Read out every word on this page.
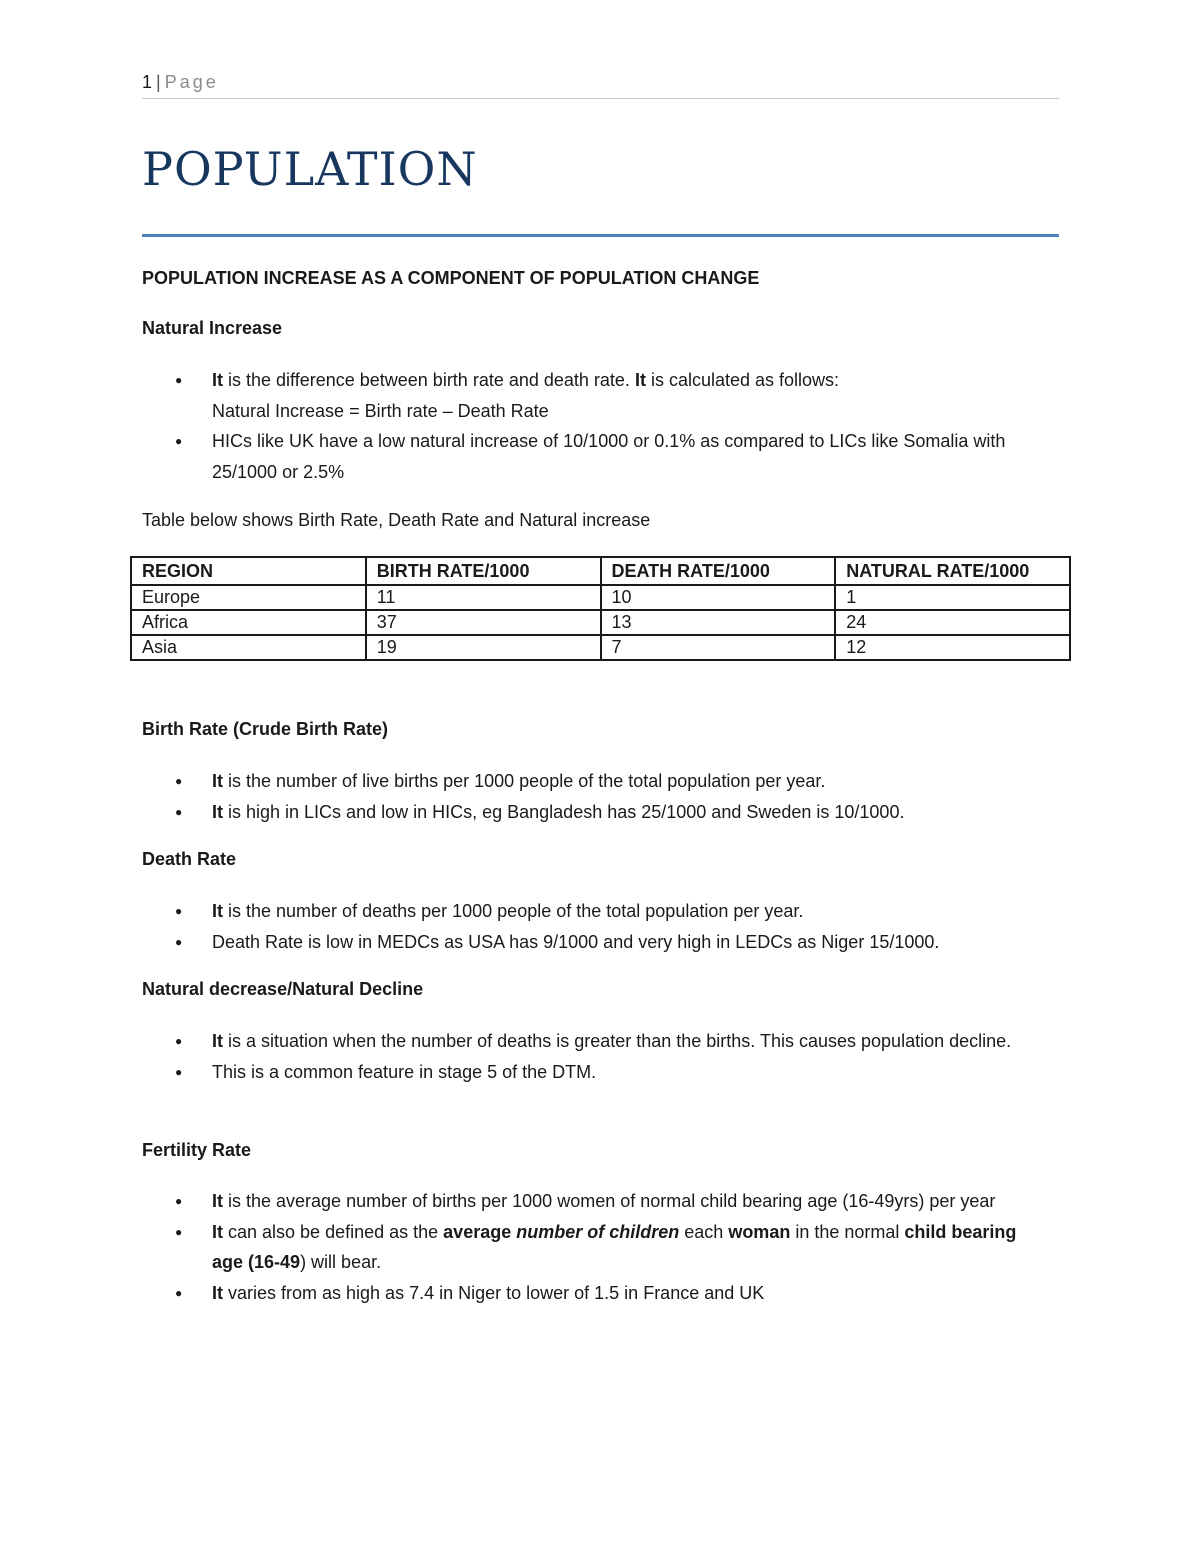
1 | Page
POPULATION
POPULATION INCREASE AS A COMPONENT OF POPULATION CHANGE
Natural Increase
● It is the difference between birth rate and death rate. It is calculated as follows:
Natural Increase = Birth rate – Death Rate
● HICs like UK have a low natural increase of 10/1000 or 0.1% as compared to LICs like Somalia with 25/1000 or 2.5%

Table below shows Birth Rate, Death Rate and Natural increase

REGION	BIRTH RATE/1000	DEATH RATE/1000	NATURAL RATE/1000
Europe	11	10	1
Africa	37	13	24
Asia	19	7	12
Birth Rate (Crude Birth Rate)
● It is the number of live births per 1000 people of the total population per year.
● It is high in LICs and low in HICs, eg Bangladesh has 25/1000 and Sweden is 10/1000.
Death Rate
● It is the number of deaths per 1000 people of the total population per year.
● Death Rate is low in MEDCs as USA has 9/1000 and very high in LEDCs as Niger 15/1000.
Natural decrease/Natural Decline
● It is a situation when the number of deaths is greater than the births. This causes population decline.
● This is a common feature in stage 5 of the DTM.
Fertility Rate
● It is the average number of births per 1000 women of normal child bearing age (16-49yrs) per year
● It can also be defined as the average number of children each woman in the normal child bearing age (16-49) will bear.
● It varies from as high as 7.4 in Niger to lower of 1.5 in France and UK
